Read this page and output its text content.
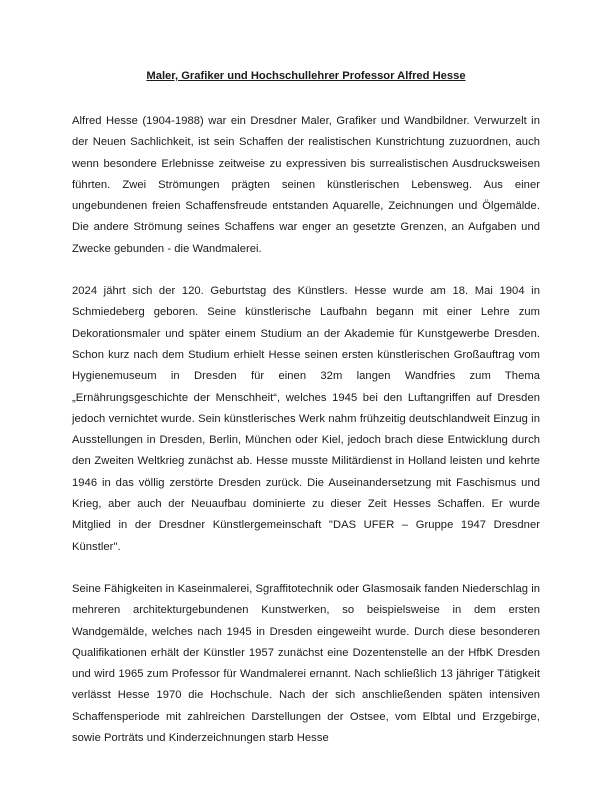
Maler, Grafiker und Hochschullehrer Professor Alfred Hesse

Alfred Hesse (1904-1988) war ein Dresdner Maler, Grafiker und Wandbildner. Verwurzelt in der Neuen Sachlichkeit, ist sein Schaffen der realistischen Kunstrichtung zuzuordnen, auch wenn besondere Erlebnisse zeitweise zu expressiven bis surrealistischen Ausdrucksweisen führten. Zwei Strömungen prägten seinen künstlerischen Lebensweg. Aus einer ungebundenen freien Schaffensfreude entstanden Aquarelle, Zeichnungen und Ölgemälde. Die andere Strömung seines Schaffens war enger an gesetzte Grenzen, an Aufgaben und Zwecke gebunden - die Wandmalerei.

2024 jährt sich der 120. Geburtstag des Künstlers. Hesse wurde am 18. Mai 1904 in Schmiedeberg geboren. Seine künstlerische Laufbahn begann mit einer Lehre zum Dekorationsmaler und später einem Studium an der Akademie für Kunstgewerbe Dresden. Schon kurz nach dem Studium erhielt Hesse seinen ersten künstlerischen Großauftrag vom Hygienemuseum in Dresden für einen 32m langen Wandfries zum Thema „Ernährungsgeschichte der Menschheit“, welches 1945 bei den Luftangriffen auf Dresden jedoch vernichtet wurde. Sein künstlerisches Werk nahm frühzeitig deutschlandweit Einzug in Ausstellungen in Dresden, Berlin, München oder Kiel, jedoch brach diese Entwicklung durch den Zweiten Weltkrieg zunächst ab. Hesse musste Militärdienst in Holland leisten und kehrte 1946 in das völlig zerstörte Dresden zurück. Die Auseinandersetzung mit Faschismus und Krieg, aber auch der Neuaufbau dominierte zu dieser Zeit Hesses Schaffen. Er wurde Mitglied in der Dresdner Künstlergemeinschaft "DAS UFER – Gruppe 1947 Dresdner Künstler".

Seine Fähigkeiten in Kaseinmalerei, Sgraffitotechnik oder Glasmosaik fanden Niederschlag in mehreren architekturgebundenen Kunstwerken, so beispielsweise in dem ersten Wandgemälde, welches nach 1945 in Dresden eingeweiht wurde. Durch diese besonderen Qualifikationen erhält der Künstler 1957 zunächst eine Dozentenstelle an der HfbK Dresden und wird 1965 zum Professor für Wandmalerei ernannt. Nach schließlich 13 jähriger Tätigkeit verlässt Hesse 1970 die Hochschule. Nach der sich anschließenden späten intensiven Schaffensperiode mit zahlreichen Darstellungen der Ostsee, vom Elbtal und Erzgebirge, sowie Porträts und Kinderzeichnungen starb Hesse
